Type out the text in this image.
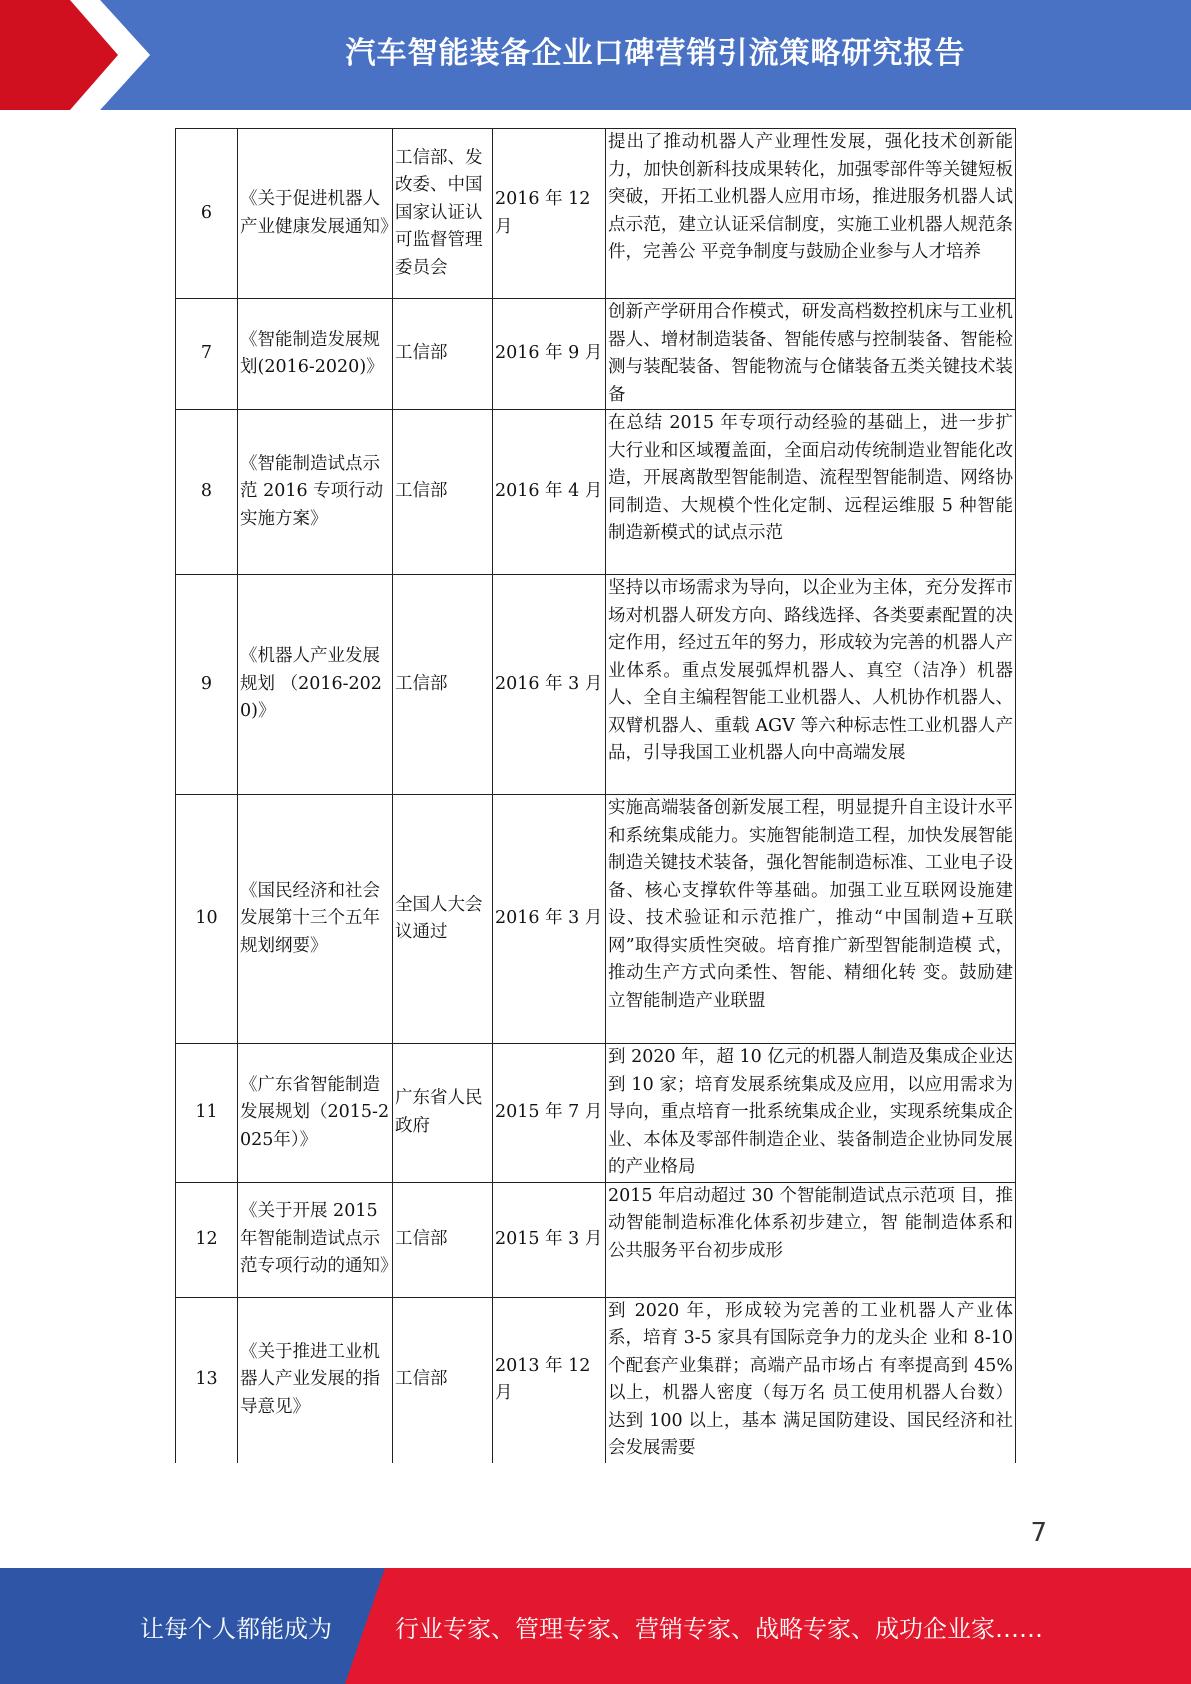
汽车智能装备企业口碑营销引流策略研究报告
6	《关于促进机器人产业健康发展通知》	工信部、发改委、中国国家认证认可监督管理委员会	2016 年 12 月	提出了推动机器人产业理性发展，强化技术创新能力，加快创新科技成果转化，加强零部件等关键短板突破，开拓工业机器人应用市场，推进服务机器人试点示范，建立认证采信制度，实施工业机器人规范条件，完善公 平竞争制度与鼓励企业参与人才培养
7	《智能制造发展规划(2016-2020)》	工信部	2016 年 9 月	创新产学研用合作模式，研发高档数控机床与工业机器人、增材制造装备、智能传感与控制装备、智能检测与装配装备、智能物流与仓储装备五类关键技术装备
8	《智能制造试点示范 2016 专项行动实施方案》	工信部	2016 年 4 月	在总结 2015 年专项行动经验的基础上，进一步扩大行业和区域覆盖面，全面启动传统制造业智能化改造，开展离散型智能制造、流程型智能制造、网络协同制造、大规模个性化定制、远程运维服 5 种智能制造新模式的试点示范
9	《机器人产业发展规划 （2016-2020)》	工信部	2016 年 3 月	坚持以市场需求为导向，以企业为主体，充分发挥市场对机器人研发方向、路线选择、各类要素配置的决定作用，经过五年的努力，形成较为完善的机器人产业体系。重点发展弧焊机器人、真空（洁净）机器人、全自主编程智能工业机器人、人机协作机器人、双臂机器人、重载 AGV 等六种标志性工业机器人产品，引导我国工业机器人向中高端发展
10	《国民经济和社会发展第十三个五年规划纲要》	全国人大会议通过	2016 年 3 月	实施高端装备创新发展工程，明显提升自主设计水平和系统集成能力。实施智能制造工程，加快发展智能制造关键技术装备，强化智能制造标准、工业电子设备、核心支撑软件等基础。加强工业互联网设施建设、技术验证和示范推广，推动“中国制造+互联网”取得实质性突破。培育推广新型智能制造模 式，推动生产方式向柔性、智能、精细化转 变。鼓励建立智能制造产业联盟
11	《广东省智能制造发展规划（2015-2025年）》	广东省人民政府	2015 年 7 月	到 2020 年，超 10 亿元的机器人制造及集成企业达到 10 家；培育发展系统集成及应用，以应用需求为导向，重点培育一批系统集成企业，实现系统集成企业、本体及零部件制造企业、装备制造企业协同发展的产业格局
12	《关于开展 2015 年智能制造试点示范专项行动的通知》	工信部	2015 年 3 月	2015 年启动超过 30 个智能制造试点示范项 目，推动智能制造标准化体系初步建立，智 能制造体系和公共服务平台初步成形
13	《关于推进工业机器人产业发展的指导意见》	工信部	2013 年 12 月	到 2020 年，形成较为完善的工业机器人产业体系，培育 3-5 家具有国际竞争力的龙头企 业和 8-10 个配套产业集群；高端产品市场占 有率提高到 45%以上，机器人密度（每万名 员工使用机器人台数）达到 100 以上，基本 满足国防建设、国民经济和社会发展需要
7
让每个人都能成为	行业专家、管理专家、营销专家、战略专家、成功企业家……
